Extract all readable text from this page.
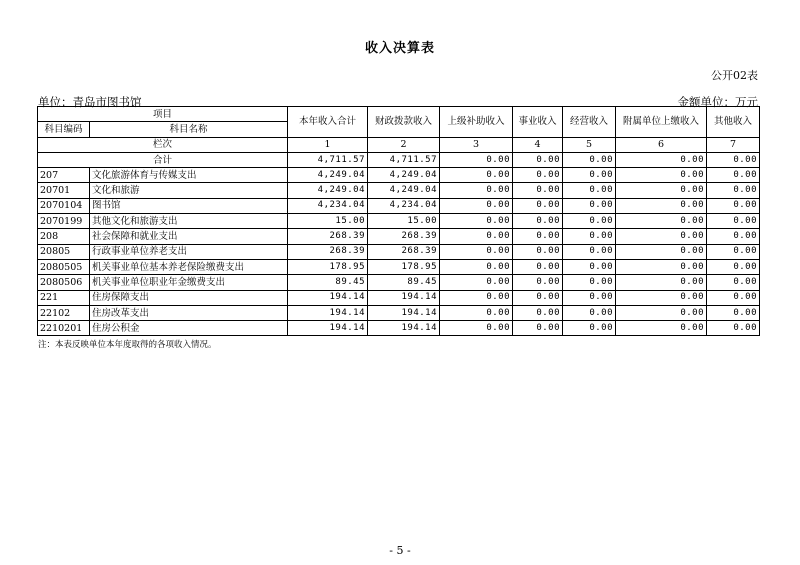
收入决算表
公开02表
单位：青岛市图书馆	金额单位：万元
项目		本年收入合计	财政拨款收入	上级补助收入	事业收入	经营收入	附属单位上缴收入	其他收入
科目编码	科目名称							
栏次		1	2	3	4	5	6	7
合计		4,711.57	4,711.57	0.00	0.00	0.00	0.00	0.00
207	文化旅游体育与传媒支出	4,249.04	4,249.04	0.00	0.00	0.00	0.00	0.00
20701	文化和旅游	4,249.04	4,249.04	0.00	0.00	0.00	0.00	0.00
2070104	图书馆	4,234.04	4,234.04	0.00	0.00	0.00	0.00	0.00
2070199	其他文化和旅游支出	15.00	15.00	0.00	0.00	0.00	0.00	0.00
208	社会保障和就业支出	268.39	268.39	0.00	0.00	0.00	0.00	0.00
20805	行政事业单位养老支出	268.39	268.39	0.00	0.00	0.00	0.00	0.00
2080505	机关事业单位基本养老保险缴费支出	178.95	178.95	0.00	0.00	0.00	0.00	0.00
2080506	机关事业单位职业年金缴费支出	89.45	89.45	0.00	0.00	0.00	0.00	0.00
221	住房保障支出	194.14	194.14	0.00	0.00	0.00	0.00	0.00
22102	住房改革支出	194.14	194.14	0.00	0.00	0.00	0.00	0.00
2210201	住房公积金	194.14	194.14	0.00	0.00	0.00	0.00	0.00
注：本表反映单位本年度取得的各项收入情况。
- 5 -
